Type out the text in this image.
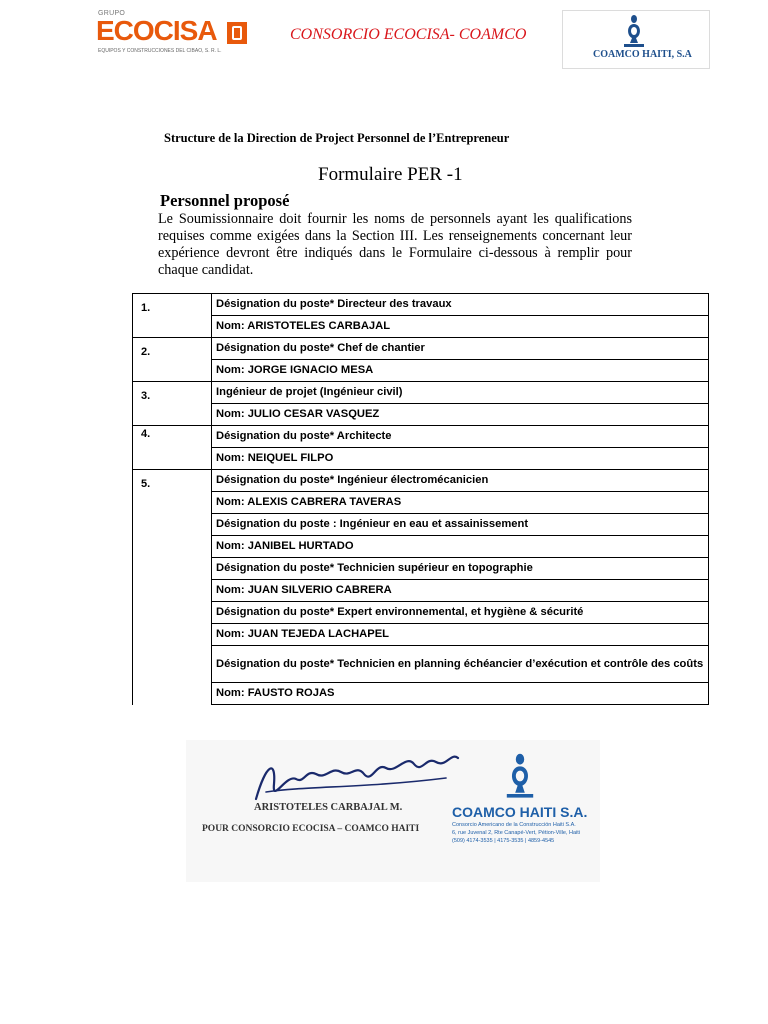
GRUPO
ECOCISA
EQUIPOS Y CONSTRUCCIONES DEL CIBAO, S. R. L.
CONSORCIO ECOCISA- COAMCO
COAMCO HAITI, S.A
Structure de la Direction de Project Personnel de l’Entrepreneur
Formulaire PER -1
Personnel proposé
Le Soumissionnaire doit fournir les noms de personnels ayant les qualifications requises comme exigées dans la Section III. Les renseignements concernant leur expérience devront être indiqués dans le Formulaire ci-dessous à remplir pour chaque candidat.
1.	Désignation du poste* Directeur des travaux
Nom: ARISTOTELES CARBAJAL
2.	Désignation du poste* Chef de chantier
Nom: JORGE IGNACIO MESA
3.	Ingénieur de projet (Ingénieur civil)
Nom: JULIO CESAR VASQUEZ
4.	Désignation du poste* Architecte
Nom: NEIQUEL FILPO
5.	Désignation du poste* Ingénieur électromécanicien
Nom: ALEXIS CABRERA TAVERAS
Désignation du poste : Ingénieur en eau et assainissement
Nom: JANIBEL HURTADO
Désignation du poste* Technicien supérieur en topographie
Nom: JUAN SILVERIO CABRERA
Désignation du poste* Expert environnemental, et hygiène & sécurité
Nom: JUAN TEJEDA LACHAPEL
Désignation du poste* Technicien en planning échéancier d’exécution et contrôle des coûts
Nom: FAUSTO ROJAS
ARISTOTELES CARBAJAL M.
POUR CONSORCIO ECOCISA – COAMCO HAITI
COAMCO HAITI S.A.
Consorcio Americano de la Construcción Haiti S.A.
6, rue Juvenal 2, Rte Canapé-Vert, Pétion-Ville, Haiti
(509) 4174-3535 | 4175-3535 | 4859-4545
